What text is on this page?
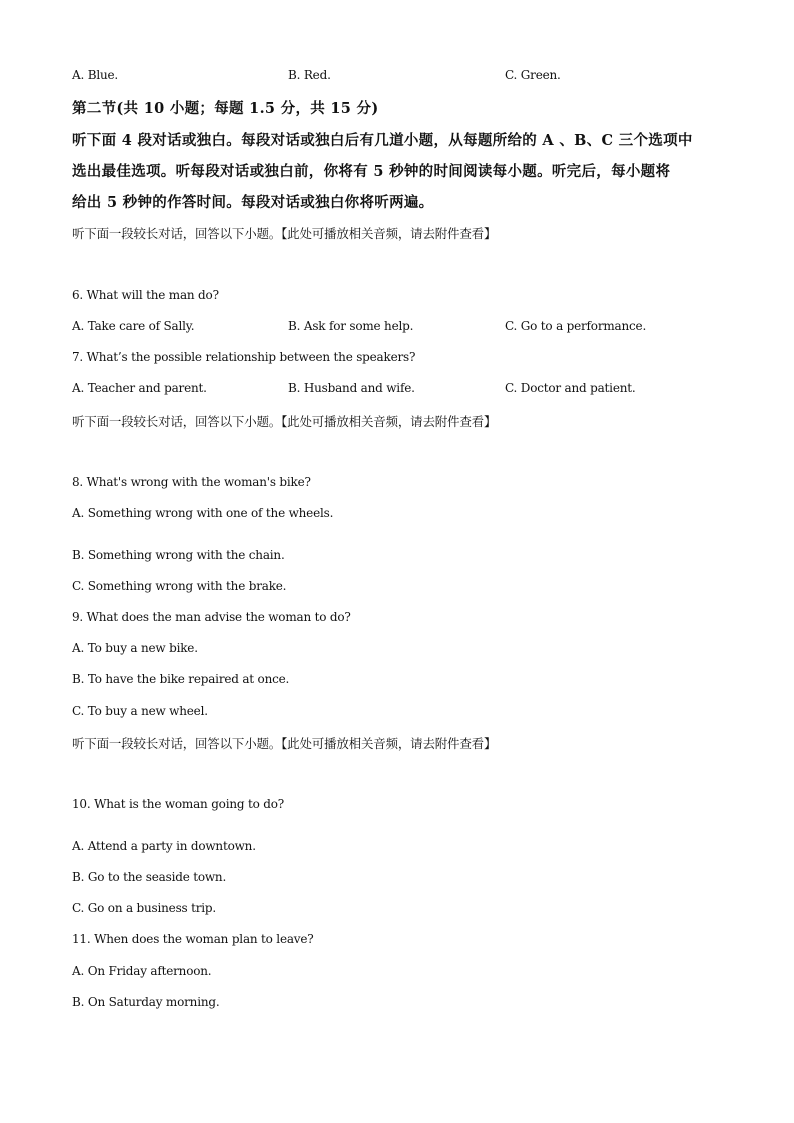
A. Blue.	B. Red.	C. Green.
第二节(共 10 小题；每题 1.5 分，共 15 分)
听下面 4 段对话或独白。每段对话或独白后有几道小题，从每题所给的 A 、B、C 三个选项中
选出最佳选项。听每段对话或独白前，你将有 5 秒钟的时间阅读每小题。听完后，每小题将
给出 5 秒钟的作答时间。每段对话或独白你将听两遍。
听下面一段较长对话，回答以下小题。【此处可播放相关音频，请去附件查看】
6. What will the man do?
A. Take care of Sally.	B. Ask for some help.	C. Go to a performance.
7. What’s the possible relationship between the speakers?
A. Teacher and parent.	B. Husband and wife.	C. Doctor and patient.
听下面一段较长对话，回答以下小题。【此处可播放相关音频，请去附件查看】
8. What's wrong with the woman's bike?
A. Something wrong with one of the wheels.
B. Something wrong with the chain.
C. Something wrong with the brake.
9. What does the man advise the woman to do?
A. To buy a new bike.
B. To have the bike repaired at once.
C. To buy a new wheel.
听下面一段较长对话，回答以下小题。【此处可播放相关音频，请去附件查看】
10. What is the woman going to do?
A. Attend a party in downtown.
B. Go to the seaside town.
C. Go on a business trip.
11. When does the woman plan to leave?
A. On Friday afternoon.
B. On Saturday morning.
